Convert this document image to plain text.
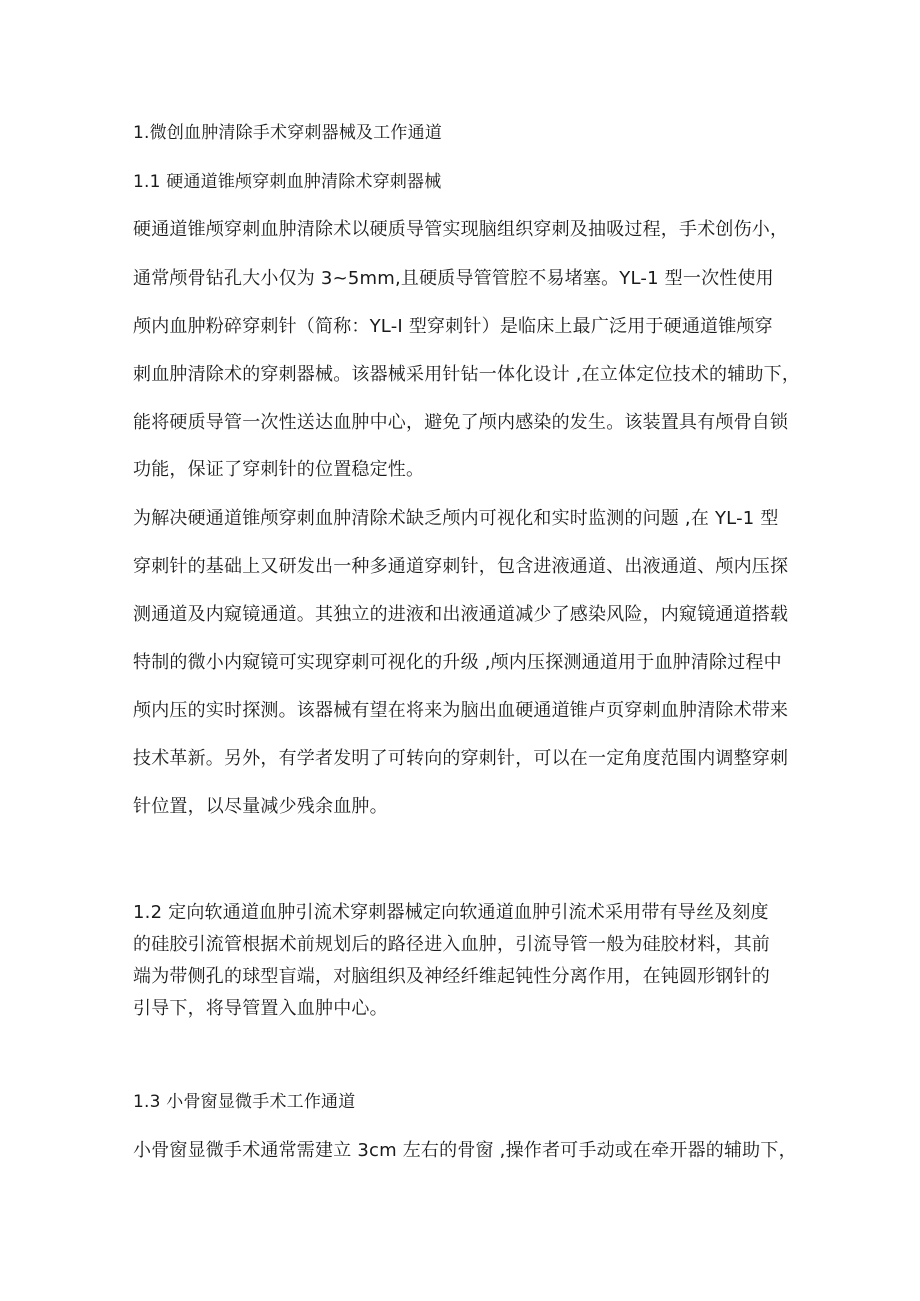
1.微创血肿清除手术穿刺器械及工作通道
1.1 硬通道锥颅穿刺血肿清除术穿刺器械
硬通道锥颅穿刺血肿清除术以硬质导管实现脑组织穿刺及抽吸过程，手术创伤小，
通常颅骨钻孔大小仅为 3~5mm,且硬质导管管腔不易堵塞。YL-1 型一次性使用
颅内血肿粉碎穿刺针（简称：YL-I 型穿刺针）是临床上最广泛用于硬通道锥颅穿
刺血肿清除术的穿刺器械。该器械采用针钻一体化设计 ,在立体定位技术的辅助下，
能将硬质导管一次性送达血肿中心，避免了颅内感染的发生。该装置具有颅骨自锁
功能，保证了穿刺针的位置稳定性。
为解决硬通道锥颅穿刺血肿清除术缺乏颅内可视化和实时监测的问题 ,在 YL-1 型
穿刺针的基础上又研发出一种多通道穿刺针，包含进液通道、出液通道、颅内压探
测通道及内窥镜通道。其独立的进液和出液通道减少了感染风险，内窥镜通道搭载
特制的微小内窥镜可实现穿刺可视化的升级 ,颅内压探测通道用于血肿清除过程中
颅内压的实时探测。该器械有望在将来为脑出血硬通道锥卢页穿刺血肿清除术带来
技术革新。另外，有学者发明了可转向的穿刺针，可以在一定角度范围内调整穿刺
针位置，以尽量减少残余血肿。
1.2 定向软通道血肿引流术穿刺器械定向软通道血肿引流术采用带有导丝及刻度
的硅胶引流管根据术前规划后的路径进入血肿，引流导管一般为硅胶材料，其前
端为带侧孔的球型盲端，对脑组织及神经纤维起钝性分离作用，在钝圆形钢针的
引导下，将导管置入血肿中心。
1.3 小骨窗显微手术工作通道
小骨窗显微手术通常需建立 3cm 左右的骨窗 ,操作者可手动或在牵开器的辅助下，
